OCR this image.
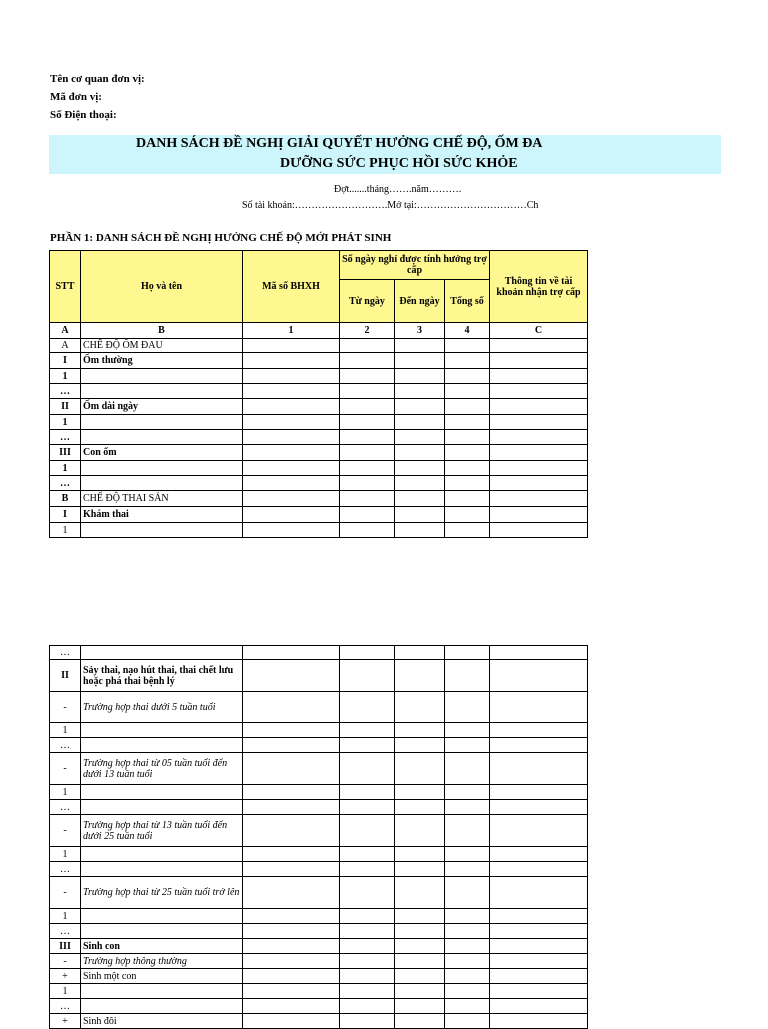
Tên cơ quan đơn vị:
Mã đơn vị:
Số Điện thoại:
DANH SÁCH ĐỀ NGHỊ GIẢI QUYẾT HƯỞNG CHẾ ĐỘ, ỐM ĐA
DƯỠNG SỨC PHỤC HỒI SỨC KHỎE
Đợt.......tháng…….năm……….
Số tài khoản:……………………….Mở tại:……………………………Ch
PHẦN 1: DANH SÁCH ĐỀ NGHỊ HƯỞNG CHẾ ĐỘ MỚI PHÁT SINH
STT	Họ và tên	Mã số BHXH	Số ngày nghỉ được tính hưởng trợ cấp			Thông tin về tài khoản nhận trợ cấp
			Từ ngày	Đến ngày	Tổng số	
A	B	1	2	3	4	C
A	CHẾ ĐỘ ỐM ĐAU					
I	Ốm thường					
1						
…						
II	Ốm dài ngày					
1						
…						
III	Con ốm					
1						
…						
B	CHẾ ĐỘ THAI SẢN					
I	Khám thai					
1						
…						
II	Sảy thai, nạo hút thai, thai chết lưu hoặc phá thai bệnh lý					
-	Trường hợp thai dưới 5 tuần tuổi					
1						
…						
-	Trường hợp thai từ 05 tuần tuổi đến dưới 13 tuần tuổi					
1						
…						
-	Trường hợp thai từ 13 tuần tuổi đến dưới 25 tuần tuổi					
1						
…						
-	Trường hợp thai từ 25 tuần tuổi trở lên					
1						
…						
III	Sinh con					
-	Trường hợp thông thường					
+	Sinh một con					
1						
…						
+	Sinh đôi					
